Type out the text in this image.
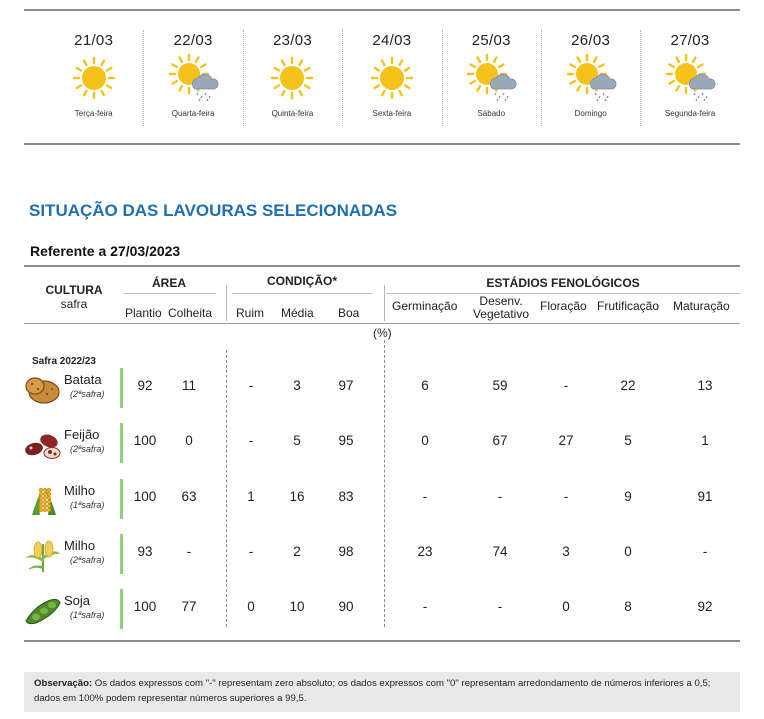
21/03
Terça-feira
22/03
Quarta-feira
23/03
Quinta-feira
24/03
Sexta-feira
25/03
Sábado
26/03
Domingo
27/03
Segunda-feira
SITUAÇÃO DAS LAVOURAS SELECIONADAS
Referente a 27/03/2023
CULTURA
safra
ÁREA
Plantio Colheita
CONDIÇÃO*
Ruim Média Boa
ESTÁDIOS FENOLÓGICOS
Germinação	Desenv.
Vegetativo
Floração Frutificação Maturação
(%)
Safra 2022/23
Batata
(2ªsafra)
92	11	-	3	97	6	59	-	22	13
Feijão
(2ªsafra)
100	0	-	5	95	0	67	27	5	1
Milho
(1ªsafra)
100	63	1	16	83	-	-	-	9	91
Milho
(2ªsafra)
93	-	-	2	98	23	74	3	0	-
Soja
(1ªsafra)
100	77	0	10	90	-	-	0	8	92
Observação: Os dados expressos com "-" representam zero absoluto; os dados expressos com "0" representam arredondamento de números inferiores a 0,5; dados em 100% podem representar números superiores a 99,5.
